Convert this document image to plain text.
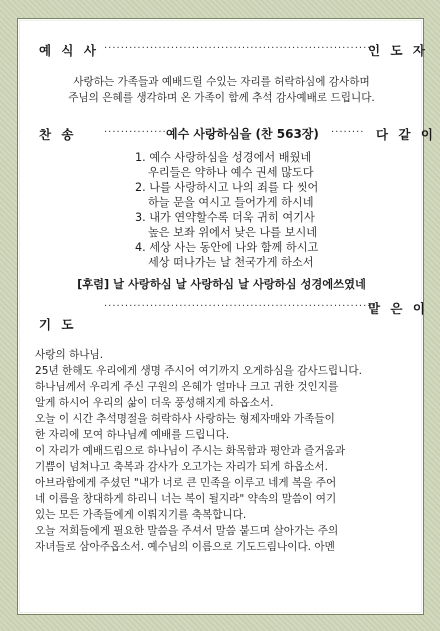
예 식 사 ··································································
인 도 자
사랑하는 가족들과 예배드릴 수있는 자리를 허락하심에 감사하며
주님의 은혜를 생각하며 온 가족이 함께 추석 감사예배로 드립니다.
찬 송	··············· 예수 사랑하심을 (찬 563장) ········ 다 같 이
1. 예수 사랑하심을 성경에서 배웠네
우리들은 약하나 예수 권세 많도다
2. 나를 사랑하시고 나의 죄를 다 씻어
하늘 문을 여시고 들어가게 하시네
3. 내가 연약할수록 더욱 귀히 여기사
높은 보좌 위에서 낮은 나를 보시네
4. 세상 사는 동안에 나와 함께 하시고
세상 떠나가는 날 천국가게 하소서
[후렴] 날 사랑하심 날 사랑하심 날 사랑하심 성경에쓰였네
··································································
맡 은 이
기 도
사랑의 하나님.
25년 한해도 우리에게 생명 주시어 여기까지 오게하심을 감사드립니다.
하나님께서 우리게 주신 구원의 은혜가 얼마나 크고 귀한 것인지를
알게 하시어 우리의 삶이 더욱 풍성해지게 하옵소서.
오늘 이 시간 추석명절을 허락하사 사랑하는 형제자매와 가족들이
한 자리에 모여 하나님께 예배를 드립니다.
이 자리가 예배드림으로 하나님이 주시는 화목함과 평안과 즐거움과
기쁨이 넘쳐나고 축복과 감사가 오고가는 자리가 되게 하옵소서.
아브라함에게 주셨던 "내가 너로 큰 민족을 이루고 네게 복을 주어
네 이름을 창대하게 하리니 너는 복이 될지라" 약속의 말씀이 여기
있는 모든 가족들에게 이뤄지기를 축복합니다.
오늘 저희들에게 필요한 말씀을 주셔서 말씀 붙드며 살아가는 주의
자녀들로 삼아주옵소서. 예수님의 이름으로 기도드림나이다. 아멘
